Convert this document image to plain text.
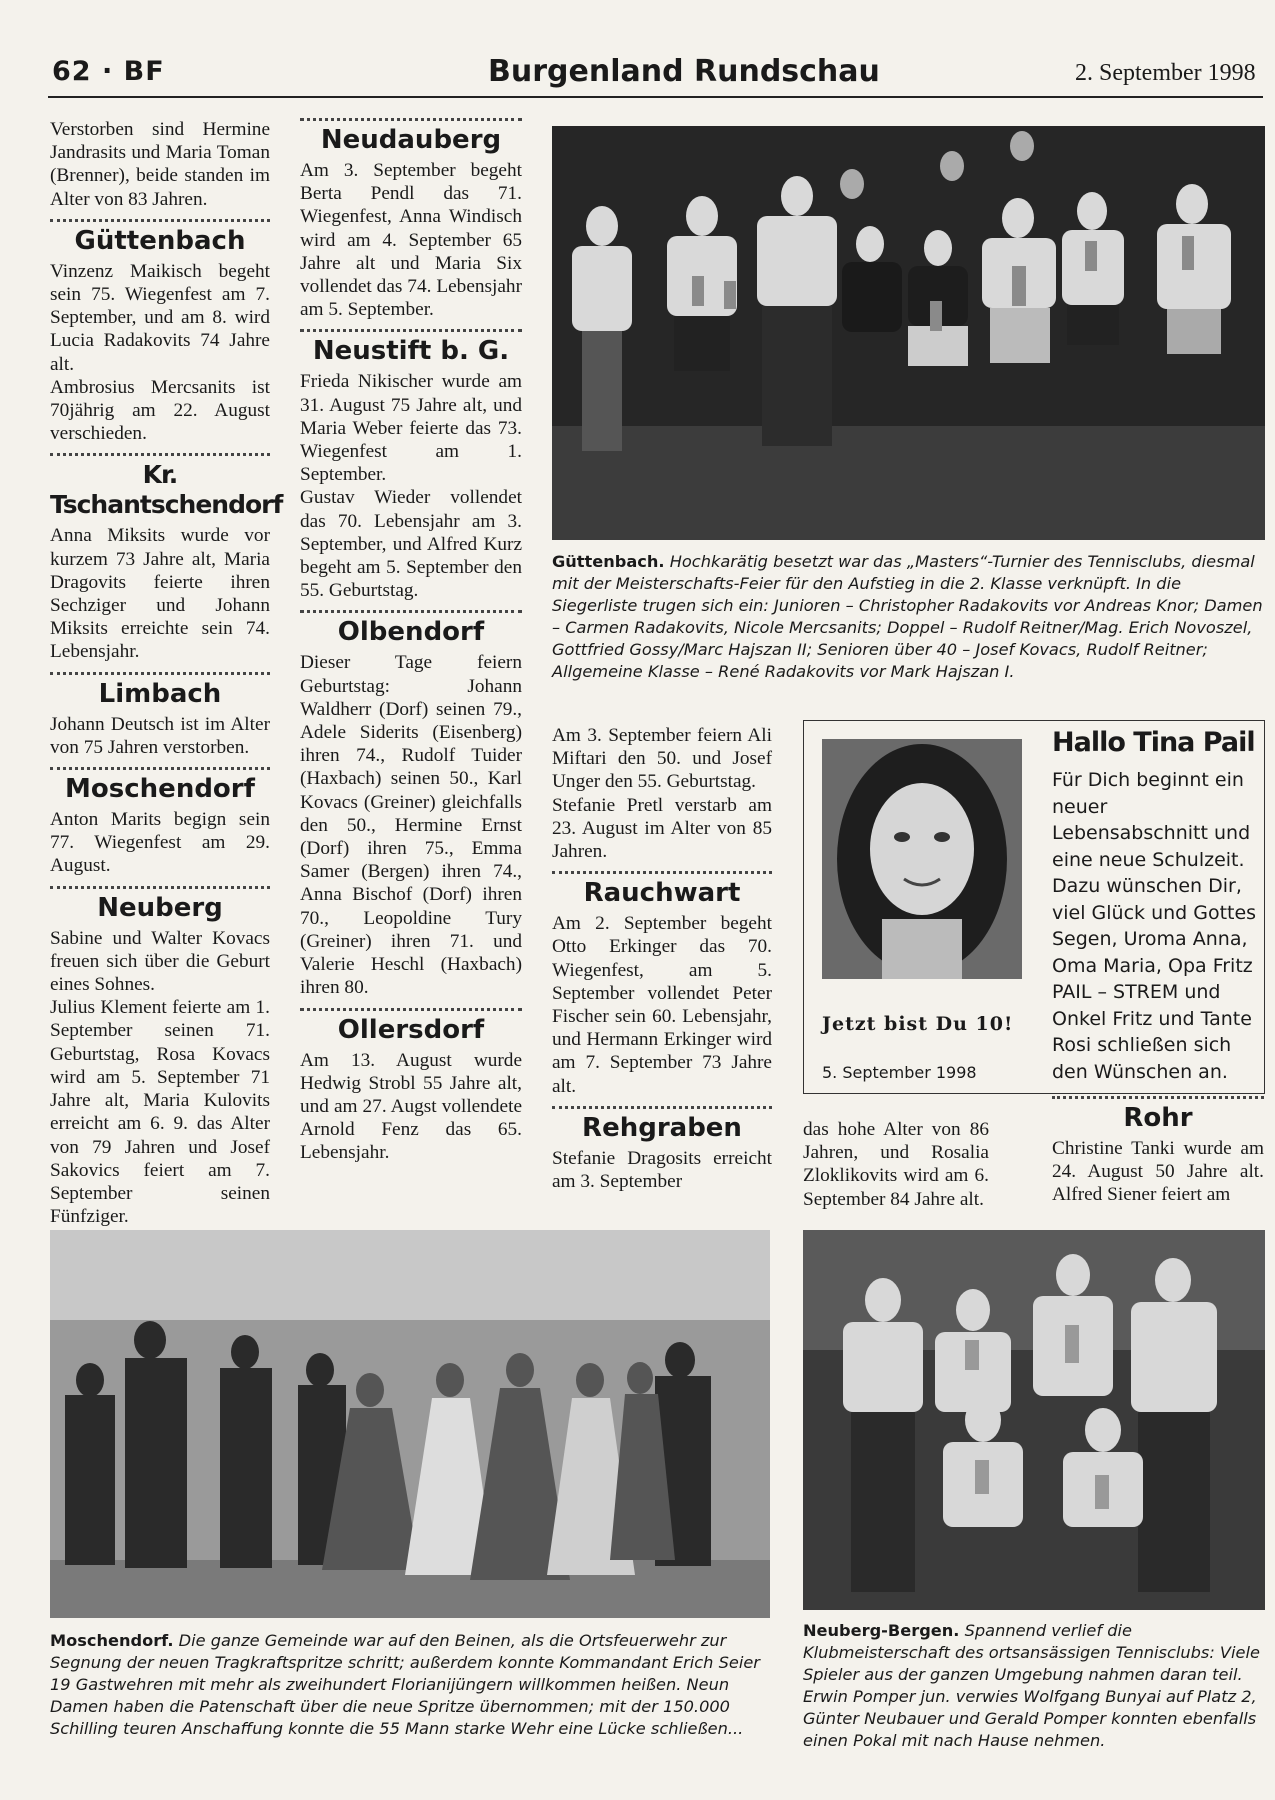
62 · BF	Burgenland Rundschau	2. September 1998

Verstorben sind Hermine Jandrasits und Maria Toman (Brenner), beide standen im Alter von 83 Jahren.

Güttenbach

Vinzenz Maikisch begeht sein 75. Wiegenfest am 7. September, und am 8. wird Lucia Radakovits 74 Jahre alt.

Ambrosius Mercsanits ist 70jährig am 22. August verschieden.

Kr. Tschantschendorf

Anna Miksits wurde vor kurzem 73 Jahre alt, Maria Dragovits feierte ihren Sechziger und Johann Miksits erreichte sein 74. Lebensjahr.

Limbach

Johann Deutsch ist im Alter von 75 Jahren verstorben.

Moschendorf

Anton Marits begign sein 77. Wiegenfest am 29. August.

Neuberg

Sabine und Walter Kovacs freuen sich über die Geburt eines Sohnes.

Julius Klement feierte am 1. September seinen 71. Geburtstag, Rosa Kovacs wird am 5. September 71 Jahre alt, Maria Kulovits erreicht am 6. 9. das Alter von 79 Jahren und Josef Sakovics feiert am 7. September seinen Fünfziger.

Neudauberg

Am 3. September begeht Berta Pendl das 71. Wiegenfest, Anna Windisch wird am 4. September 65 Jahre alt und Maria Six vollendet das 74. Lebensjahr am 5. September.

Neustift b. G.

Frieda Nikischer wurde am 31. August 75 Jahre alt, und Maria Weber feierte das 73. Wiegenfest am 1. September.

Gustav Wieder vollendet das 70. Lebensjahr am 3. September, und Alfred Kurz begeht am 5. September den 55. Geburtstag.

Olbendorf

Dieser Tage feiern Geburtstag: Johann Waldherr (Dorf) seinen 79., Adele Siderits (Eisenberg) ihren 74., Rudolf Tuider (Haxbach) seinen 50., Karl Kovacs (Greiner) gleichfalls den 50., Hermine Ernst (Dorf) ihren 75., Emma Samer (Bergen) ihren 74., Anna Bischof (Dorf) ihren 70., Leopoldine Tury (Greiner) ihren 71. und Valerie Heschl (Haxbach) ihren 80.

Ollersdorf

Am 13. August wurde Hedwig Strobl 55 Jahre alt, und am 27. Augst vollendete Arnold Fenz das 65. Lebensjahr.

Güttenbach. Hochkarätig besetzt war das „Masters“-Turnier des Tennisclubs, diesmal mit der Meisterschafts-Feier für den Aufstieg in die 2. Klasse verknüpft. In die Siegerliste trugen sich ein: Junioren – Christopher Radakovits vor Andreas Knor; Damen – Carmen Radakovits, Nicole Mercsanits; Doppel – Rudolf Reitner/Mag. Erich Novoszel, Gottfried Gossy/Marc Hajszan II; Senioren über 40 – Josef Kovacs, Rudolf Reitner; Allgemeine Klasse – René Radakovits vor Mark Hajszan I.

Am 3. September feiern Ali Miftari den 50. und Josef Unger den 55. Geburtstag.

Stefanie Pretl verstarb am 23. August im Alter von 85 Jahren.

Rauchwart

Am 2. September begeht Otto Erkinger das 70. Wiegenfest, am 5. September vollendet Peter Fischer sein 60. Lebensjahr, und Hermann Erkinger wird am 7. September 73 Jahre alt.

Rehgraben

Stefanie Dragosits erreicht am 3. September

Jetzt bist Du 10!
5. September 1998
Hallo Tina Pail
Für Dich beginnt ein neuer Lebensabschnitt und eine neue Schulzeit. Dazu wünschen Dir, viel Glück und Gottes Segen, Uroma Anna, Oma Maria, Opa Fritz PAIL – STREM und Onkel Fritz und Tante Rosi schließen sich den Wünschen an.

das hohe Alter von 86 Jahren, und Rosalia Zloklikovits wird am 6. September 84 Jahre alt.

Rohr

Christine Tanki wurde am 24. August 50 Jahre alt. Alfred Siener feiert am

Moschendorf. Die ganze Gemeinde war auf den Beinen, als die Ortsfeuerwehr zur Segnung der neuen Tragkraftspritze schritt; außerdem konnte Kommandant Erich Seier 19 Gastwehren mit mehr als zweihundert Florianijüngern willkommen heißen. Neun Damen haben die Patenschaft über die neue Spritze übernommen; mit der 150.000 Schilling teuren Anschaffung konnte die 55 Mann starke Wehr eine Lücke schließen...
Neuberg-Bergen. Spannend verlief die Klubmeisterschaft des ortsansässigen Tennisclubs: Viele Spieler aus der ganzen Umgebung nahmen daran teil. Erwin Pomper jun. verwies Wolfgang Bunyai auf Platz 2, Günter Neubauer und Gerald Pomper konnten ebenfalls einen Pokal mit nach Hause nehmen.
